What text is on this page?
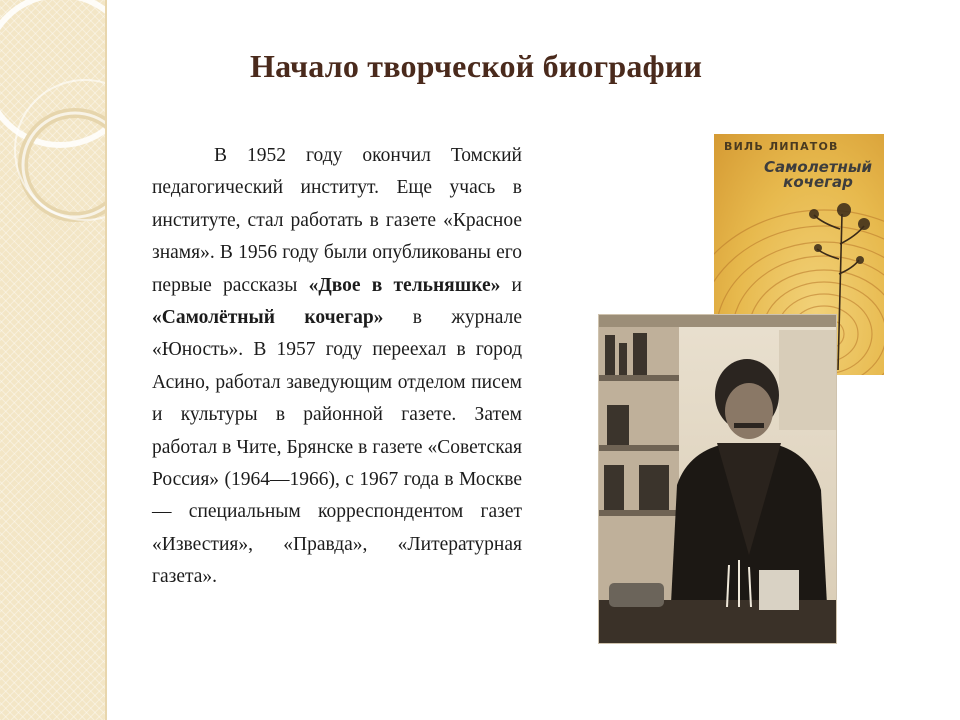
Начало творческой биографии

В 1952 году окончил Томский педагогический институт. Еще учась в институте, стал работать в газете «Красное знамя». В 1956 году были опубликованы его первые рассказы «Двое в тельняшке» и «Самолётный кочегар» в журнале «Юность». В 1957 году переехал в город Асино, работал заведующим отделом писем и культуры в районной газете. Затем работал в Чите, Брянске в газете «Советская Россия» (1964—1966), с 1967 года в Москве — специальным корреспондентом газет «Известия», «Правда», «Литературная газета».

ВИЛЬ ЛИПАТОВ
Самолетный
кочегар
